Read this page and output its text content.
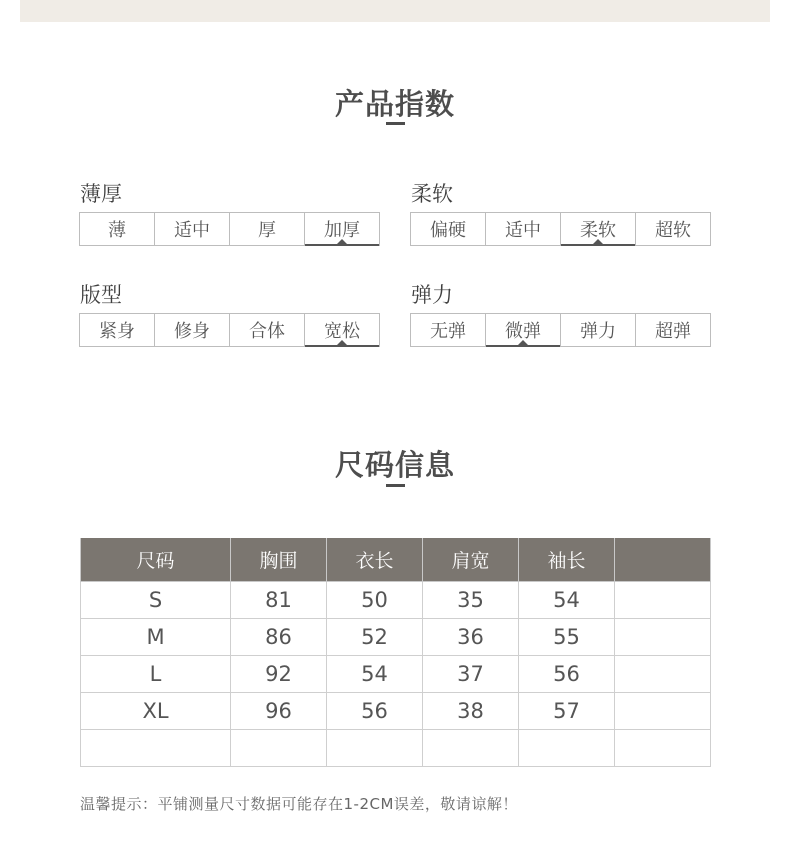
产品指数
薄厚
薄	适中	厚	加厚
柔软
偏硬	适中	柔软	超软
版型
紧身	修身	合体	宽松
弹力
无弹	微弹	弹力	超弹
尺码信息
尺码	胸围	衣长	肩宽	袖长	
S	81	50	35	54	
M	86	52	36	55	
L	92	54	37	56	
XL	96	56	38	57	

温馨提示：平铺测量尺寸数据可能存在1-2CM误差，敬请谅解！
